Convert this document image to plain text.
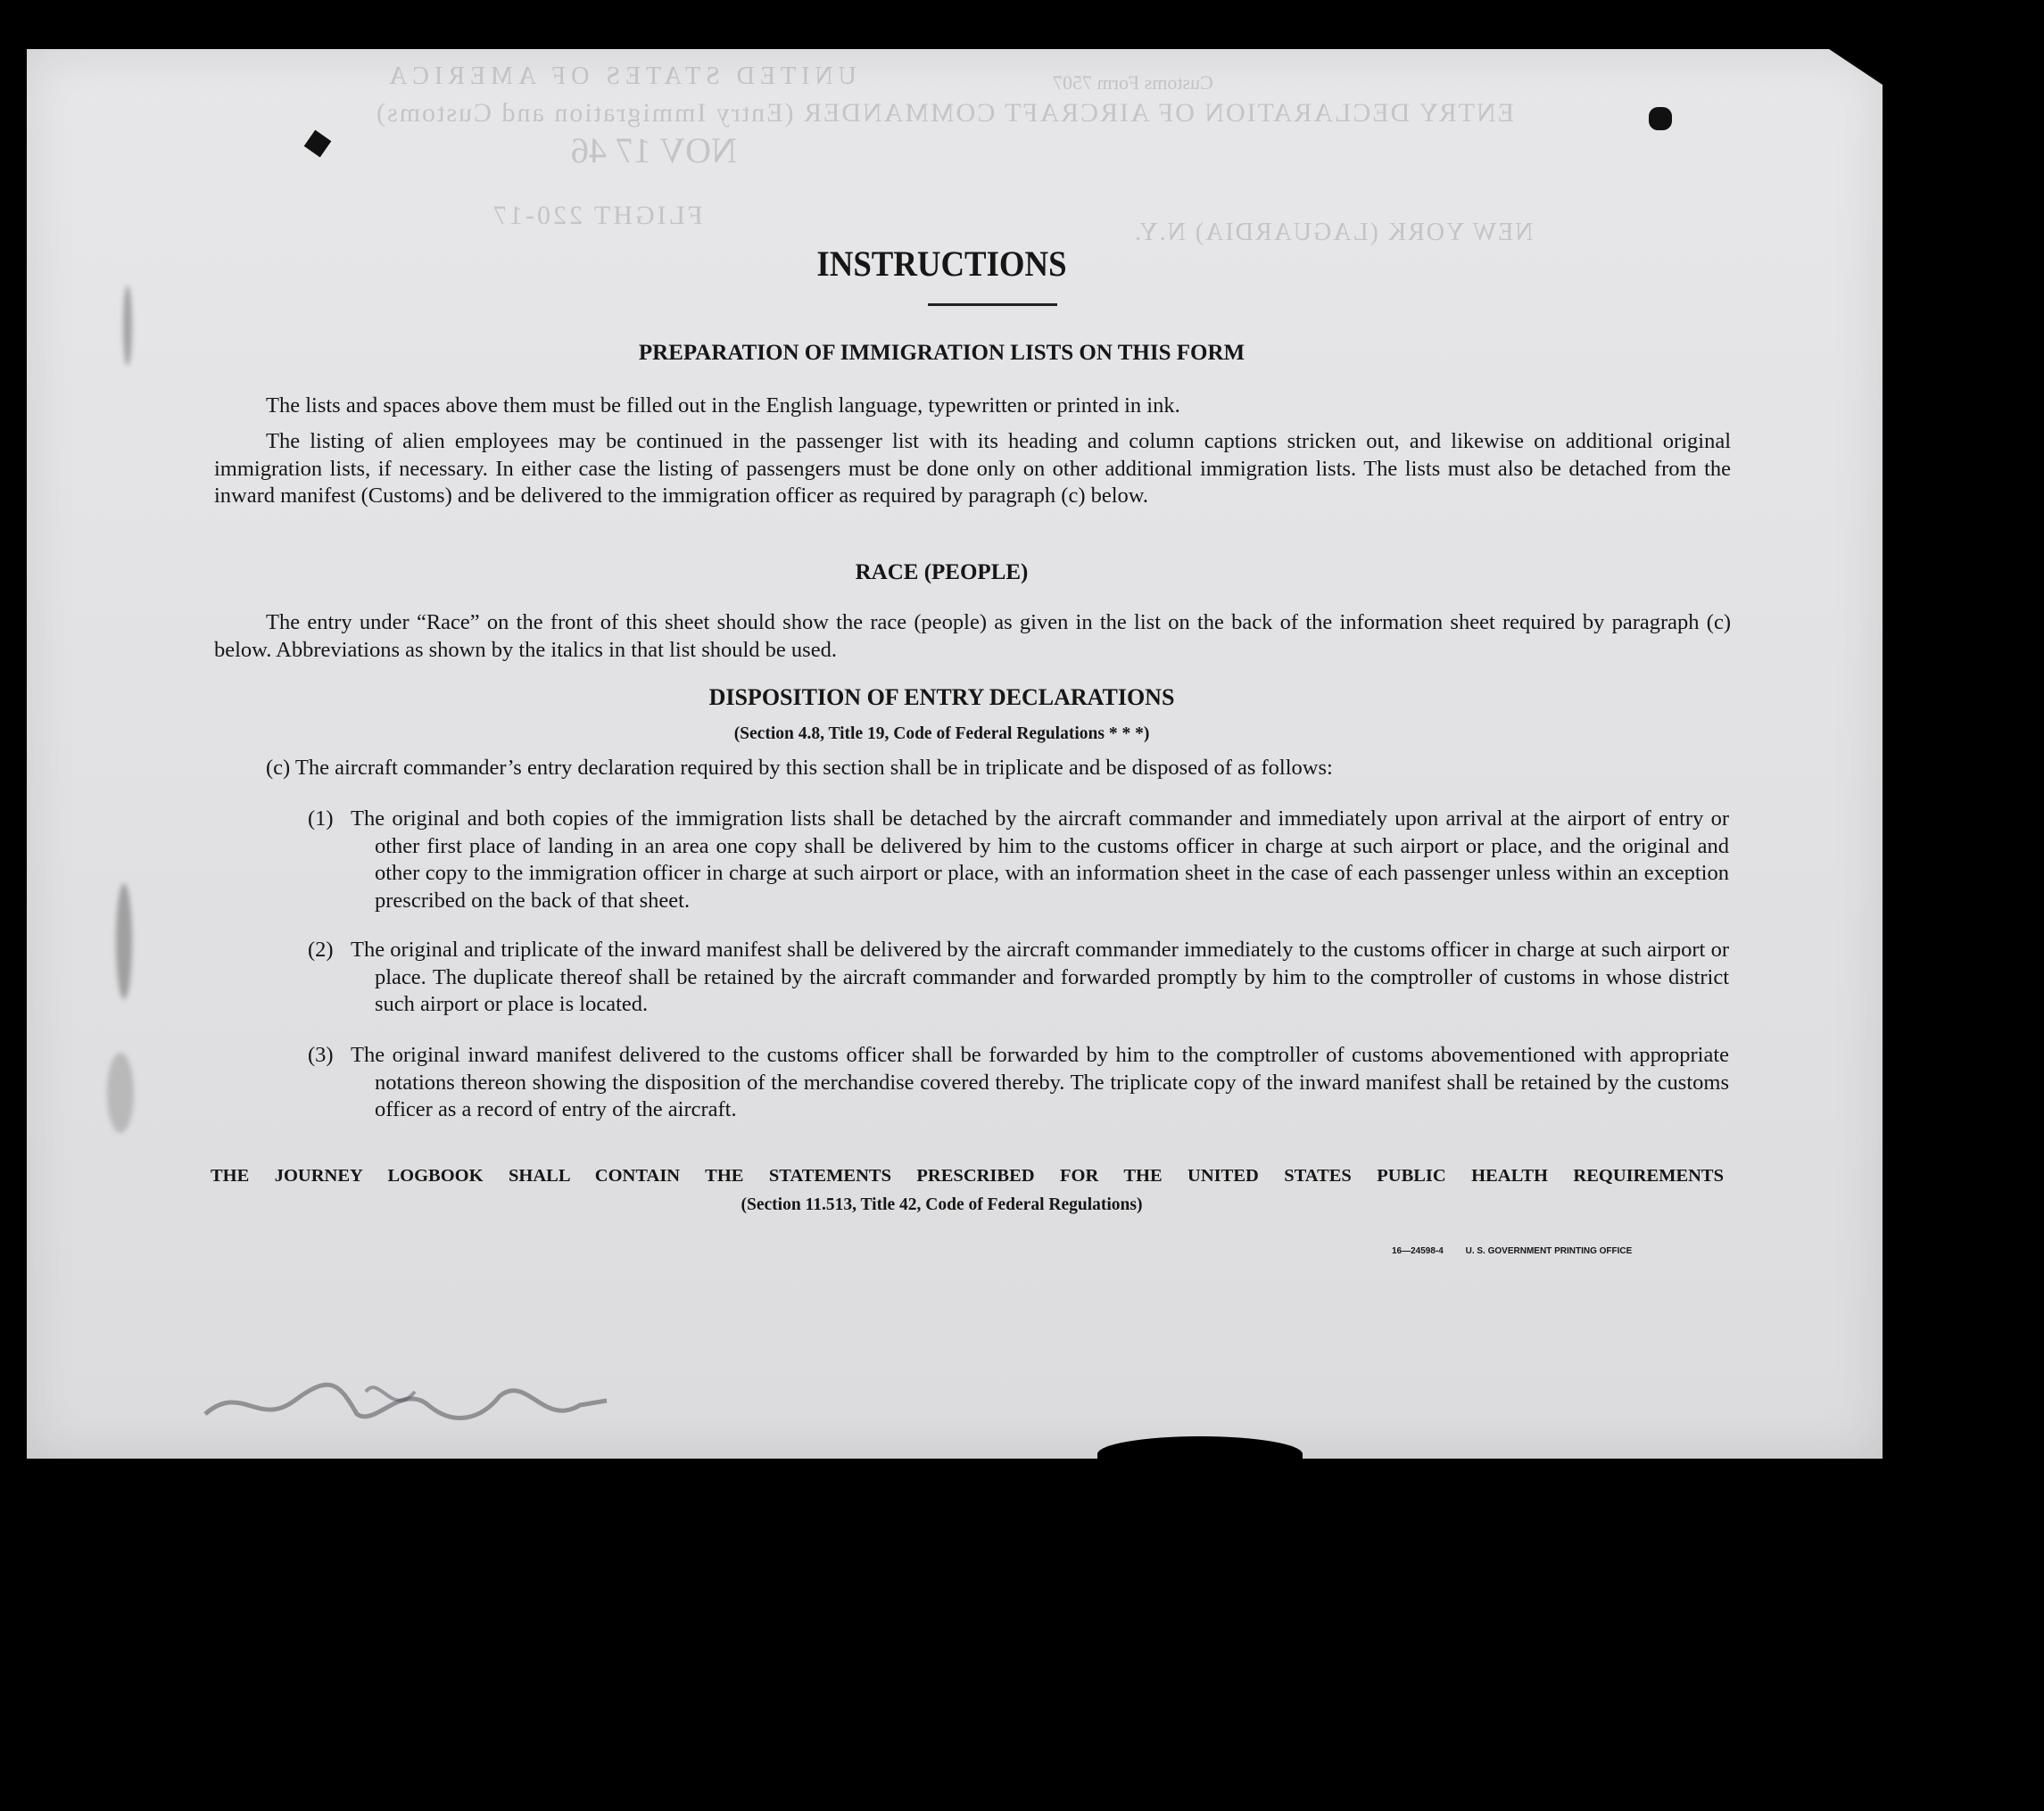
UNITED STATES OF AMERICA	Customs Form 7507
ENTRY DECLARATION OF AIRCRAFT COMMANDER (Entry Immigration and Customs)
NOV 17 46
NEW YORK (LAGUARDIA) N.Y.
FLIGHT 220-17
INSTRUCTIONS
PREPARATION OF IMMIGRATION LISTS ON THIS FORM
The lists and spaces above them must be filled out in the English language, typewritten or printed in ink.
The listing of alien employees may be continued in the passenger list with its heading and column captions stricken out, and likewise on additional original immigration lists, if necessary. In either case the listing of passengers must be done only on other additional immigration lists. The lists must also be detached from the inward manifest (Customs) and be delivered to the immigration officer as required by paragraph (c) below.
RACE (PEOPLE)
The entry under “Race” on the front of this sheet should show the race (people) as given in the list on the back of the information sheet required by paragraph (c) below. Abbreviations as shown by the italics in that list should be used.
DISPOSITION OF ENTRY DECLARATIONS
(Section 4.8, Title 19, Code of Federal Regulations * * *)
(c) The aircraft commander’s entry declaration required by this section shall be in triplicate and be disposed of as follows:
(1) The original and both copies of the immigration lists shall be detached by the aircraft commander and immediately upon arrival at the airport of entry or other first place of landing in an area one copy shall be delivered by him to the customs officer in charge at such airport or place, and the original and other copy to the immigration officer in charge at such airport or place, with an information sheet in the case of each passenger unless within an exception prescribed on the back of that sheet.
(2) The original and triplicate of the inward manifest shall be delivered by the aircraft commander immediately to the customs officer in charge at such airport or place. The duplicate thereof shall be retained by the aircraft commander and forwarded promptly by him to the comptroller of customs in whose district such airport or place is located.
(3) The original inward manifest delivered to the customs officer shall be forwarded by him to the comptroller of customs abovementioned with appropriate notations thereon showing the disposition of the merchandise covered thereby. The triplicate copy of the inward manifest shall be retained by the customs officer as a record of entry of the aircraft.
THE JOURNEY LOGBOOK SHALL CONTAIN THE STATEMENTS PRESCRIBED FOR THE UNITED STATES PUBLIC HEALTH REQUIREMENTS
(Section 11.513, Title 42, Code of Federal Regulations)
16—24598-4 U. S. GOVERNMENT PRINTING OFFICE
